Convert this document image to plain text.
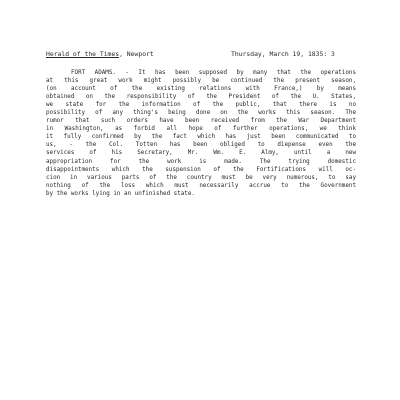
Herald of the Times, Newport	Thursday, March 19, 1835: 3
FORT ADAMS. - It has been supposed by many that the operations
at this great work might possibly be continued the present season,
(on account of the existing relations with France,) by means
obtained on the responsibility of the President of the U. States,
we state for the information of the public, that there is no
possibility of any thing's being done on the works this season. The
rumor that such orders have been received from the War Department
in Washington, as forbid all hope of further operations, we think
it fully confirmed by the fact which has just been communicated to
us, - the Col. Totten has been obliged to diepense even the
services of his Secretary, Mr. Wm. E. Almy, until a new
appropriation for the work is made. The trying domestic
disappointments which the suspension of the Fortifications will oc-
cion in various parts of the country must be very numerous, to say
nothing of the loss which must necessarily accrue to the Government
by the works lying in an unfinished state.
